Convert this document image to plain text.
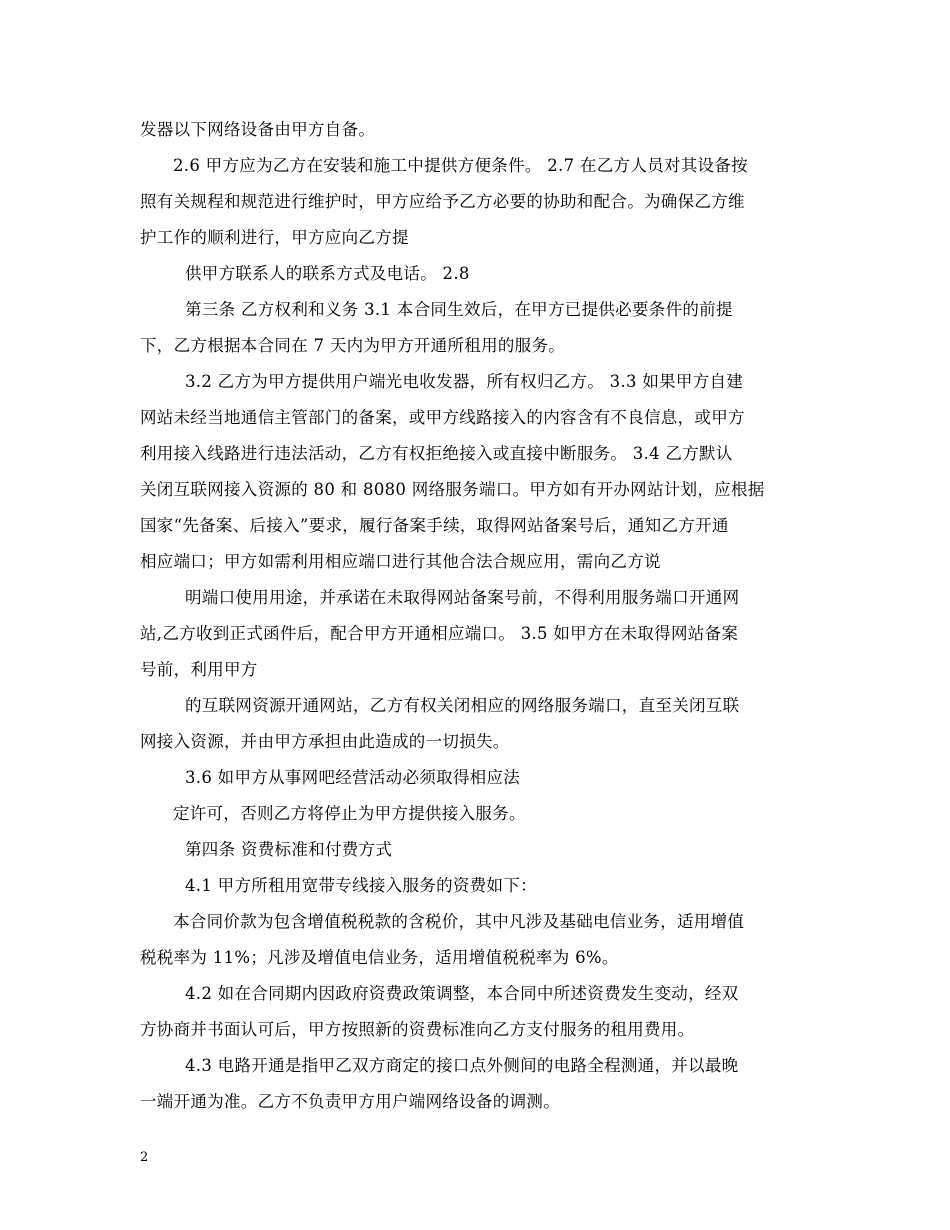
发器以下网络设备由甲方自备。
2.6 甲方应为乙方在安装和施工中提供方便条件。 2.7 在乙方人员对其设备按
照有关规程和规范进行维护时，甲方应给予乙方必要的协助和配合。为确保乙方维
护工作的顺利进行，甲方应向乙方提
供甲方联系人的联系方式及电话。 2.8
第三条 乙方权利和义务 3.1 本合同生效后，在甲方已提供必要条件的前提
下，乙方根据本合同在 7 天内为甲方开通所租用的服务。
3.2 乙方为甲方提供用户端光电收发器，所有权归乙方。 3.3 如果甲方自建
网站未经当地通信主管部门的备案，或甲方线路接入的内容含有不良信息，或甲方
利用接入线路进行违法活动，乙方有权拒绝接入或直接中断服务。 3.4 乙方默认
关闭互联网接入资源的 80 和 8080 网络服务端口。甲方如有开办网站计划，应根据
国家“先备案、后接入”要求，履行备案手续，取得网站备案号后，通知乙方开通
相应端口；甲方如需利用相应端口进行其他合法合规应用，需向乙方说
明端口使用用途，并承诺在未取得网站备案号前，不得利用服务端口开通网
站,乙方收到正式函件后，配合甲方开通相应端口。 3.5 如甲方在未取得网站备案
号前，利用甲方
的互联网资源开通网站，乙方有权关闭相应的网络服务端口，直至关闭互联
网接入资源，并由甲方承担由此造成的一切损失。
3.6 如甲方从事网吧经营活动必须取得相应法
定许可，否则乙方将停止为甲方提供接入服务。
第四条 资费标准和付费方式
4.1 甲方所租用宽带专线接入服务的资费如下：
本合同价款为包含增值税税款的含税价，其中凡涉及基础电信业务，适用增值
税税率为 11%；凡涉及增值电信业务，适用增值税税率为 6%。
4.2 如在合同期内因政府资费政策调整，本合同中所述资费发生变动，经双
方协商并书面认可后，甲方按照新的资费标准向乙方支付服务的租用费用。
4.3 电路开通是指甲乙双方商定的接口点外侧间的电路全程测通，并以最晚
一端开通为准。乙方不负责甲方用户端网络设备的调测。
2
